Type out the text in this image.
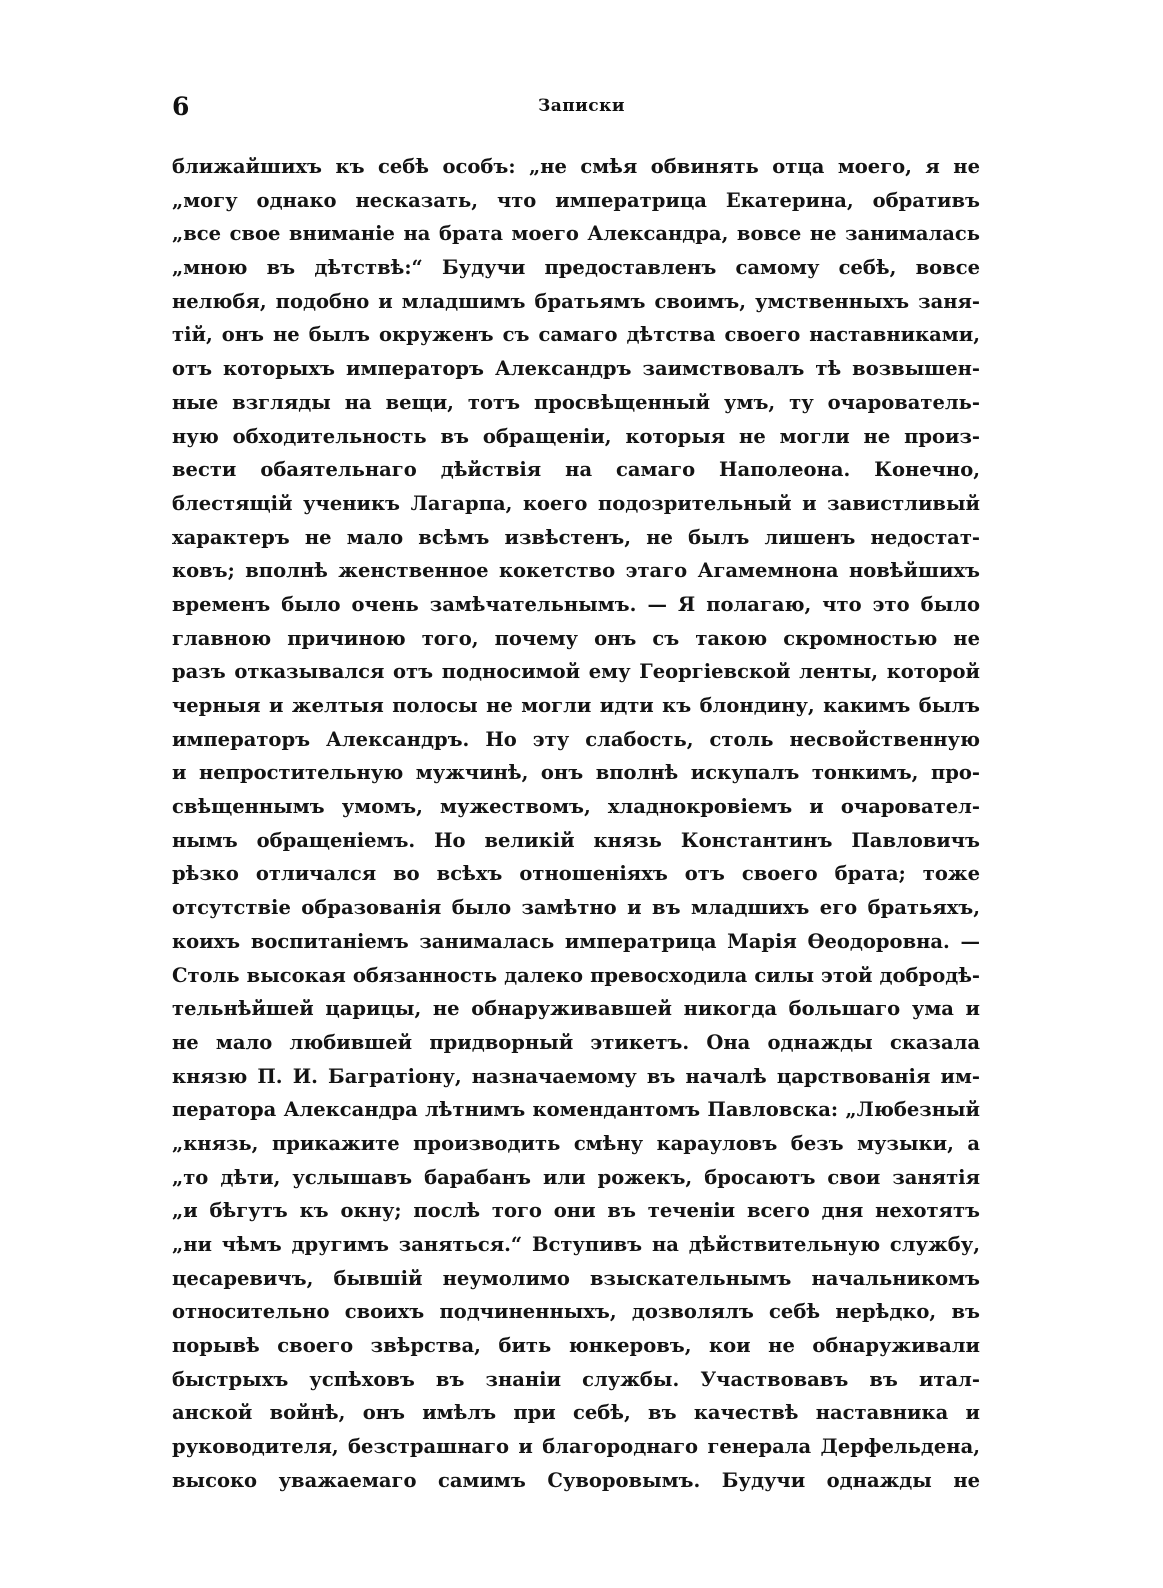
6	Записки
ближайшихъ къ себѣ особъ: „не смѣя обвинять отца моего, я не
„могу однако несказать, что императрица Екатерина, обративъ
„все свое вниманіе на брата моего Александра, вовсе не занималась
„мною въ дѣтствѣ:“ Будучи предоставленъ самому себѣ, вовсе
нелюбя, подобно и младшимъ братьямъ своимъ, умственныхъ заня-
тій, онъ не былъ окруженъ съ самаго дѣтства своего наставниками,
отъ которыхъ императоръ Александръ заимствовалъ тѣ возвышен-
ные взгляды на вещи, тотъ просвѣщенный умъ, ту очарователь-
ную обходительность въ обращеніи, которыя не могли не произ-
вести обаятельнаго дѣйствія на самаго Наполеона. Конечно,
блестящій ученикъ Лагарпа, коего подозрительный и завистливый
характеръ не мало всѣмъ извѣстенъ, не былъ лишенъ недостат-
ковъ; вполнѣ женственное кокетство этаго Агамемнона новѣйшихъ
временъ было очень замѣчательнымъ. — Я полагаю, что это было
главною причиною того, почему онъ съ такою скромностью не
разъ отказывался отъ подносимой ему Георгіевской ленты, которой
черныя и желтыя полосы не могли идти къ блондину, какимъ былъ
императоръ Александръ. Но эту слабость, столь несвойственную
и непростительную мужчинѣ, онъ вполнѣ искупалъ тонкимъ, про-
свѣщеннымъ умомъ, мужествомъ, хладнокровіемъ и очаровател-
нымъ обращеніемъ. Но великій князь Константинъ Павловичъ
рѣзко отличался во всѣхъ отношеніяхъ отъ своего брата; тоже
отсутствіе образованія было замѣтно и въ младшихъ его братьяхъ,
коихъ воспитаніемъ занималась императрица Марія Ѳеодоровна. —
Столь высокая обязанность далеко превосходила силы этой добродѣ-
тельнѣйшей царицы, не обнаруживавшей никогда большаго ума и
не мало любившей придворный этикетъ. Она однажды сказала
князю П. И. Багратіону, назначаемому въ началѣ царствованія им-
ператора Александра лѣтнимъ комендантомъ Павловска: „Любезный
„князь, прикажите производить смѣну карауловъ безъ музыки, а
„то дѣти, услышавъ барабанъ или рожекъ, бросаютъ свои занятія
„и бѣгутъ къ окну; послѣ того они въ теченіи всего дня нехотятъ
„ни чѣмъ другимъ заняться.“ Вступивъ на дѣйствительную службу,
цесаревичъ, бывшій неумолимо взыскательнымъ начальникомъ
относительно своихъ подчиненныхъ, дозволялъ себѣ нерѣдко, въ
порывѣ своего звѣрства, бить юнкеровъ, кои не обнаруживали
быстрыхъ успѣховъ въ знаніи службы. Участвовавъ въ итал-
анской войнѣ, онъ имѣлъ при себѣ, въ качествѣ наставника и
руководителя, безстрашнаго и благороднаго генерала Дерфельдена,
высоко уважаемаго самимъ Суворовымъ. Будучи однажды не
